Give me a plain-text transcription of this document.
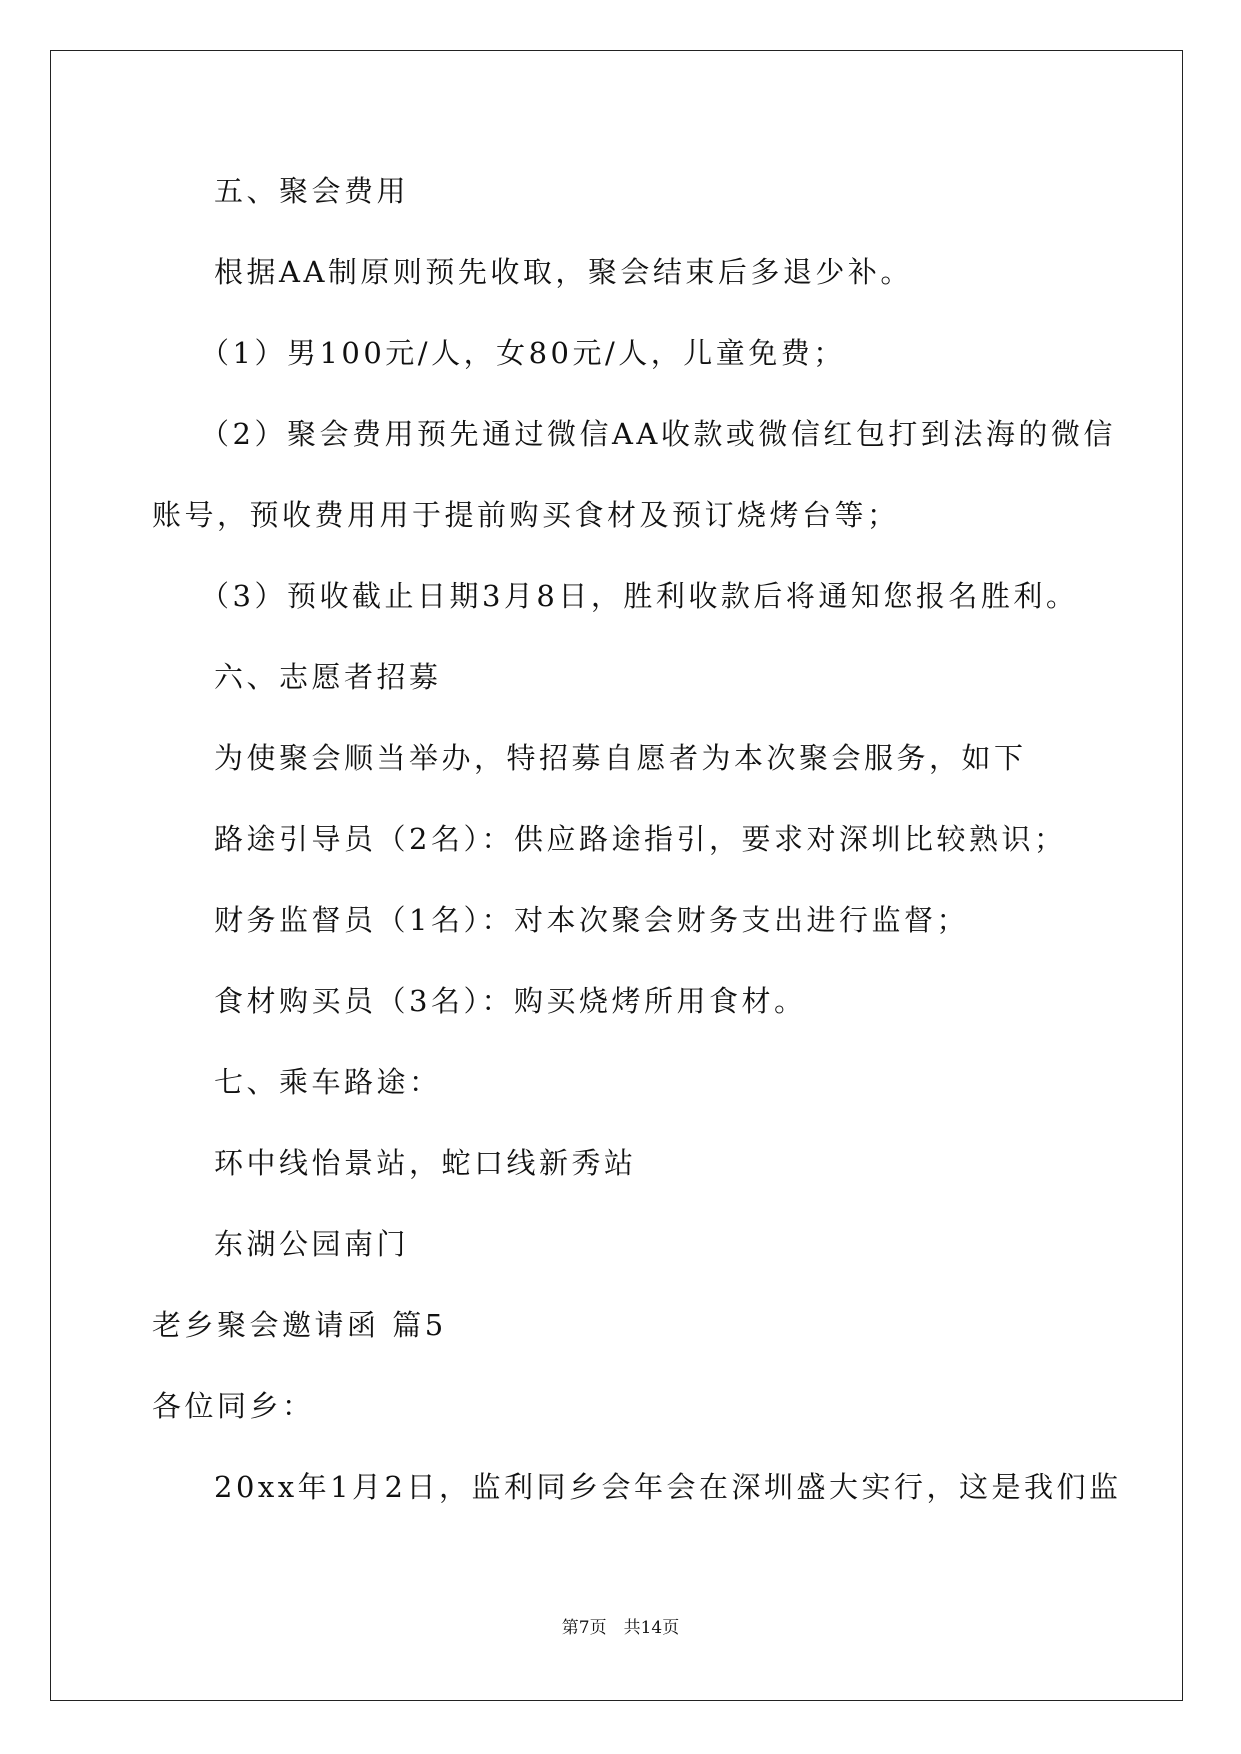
五、聚会费用
根据AA制原则预先收取，聚会结束后多退少补。
（1）男100元/人，女80元/人，儿童免费；
（2）聚会费用预先通过微信AA收款或微信红包打到法海的微信
账号，预收费用用于提前购买食材及预订烧烤台等；
（3）预收截止日期3月8日，胜利收款后将通知您报名胜利。
六、志愿者招募
为使聚会顺当举办，特招募自愿者为本次聚会服务，如下
路途引导员（2名）：供应路途指引，要求对深圳比较熟识；
财务监督员（1名）：对本次聚会财务支出进行监督；
食材购买员（3名）：购买烧烤所用食材。
七、乘车路途：
环中线怡景站，蛇口线新秀站
东湖公园南门
老乡聚会邀请函 篇5
各位同乡：
20xx年1月2日，监利同乡会年会在深圳盛大实行，这是我们监
第7页　共14页
